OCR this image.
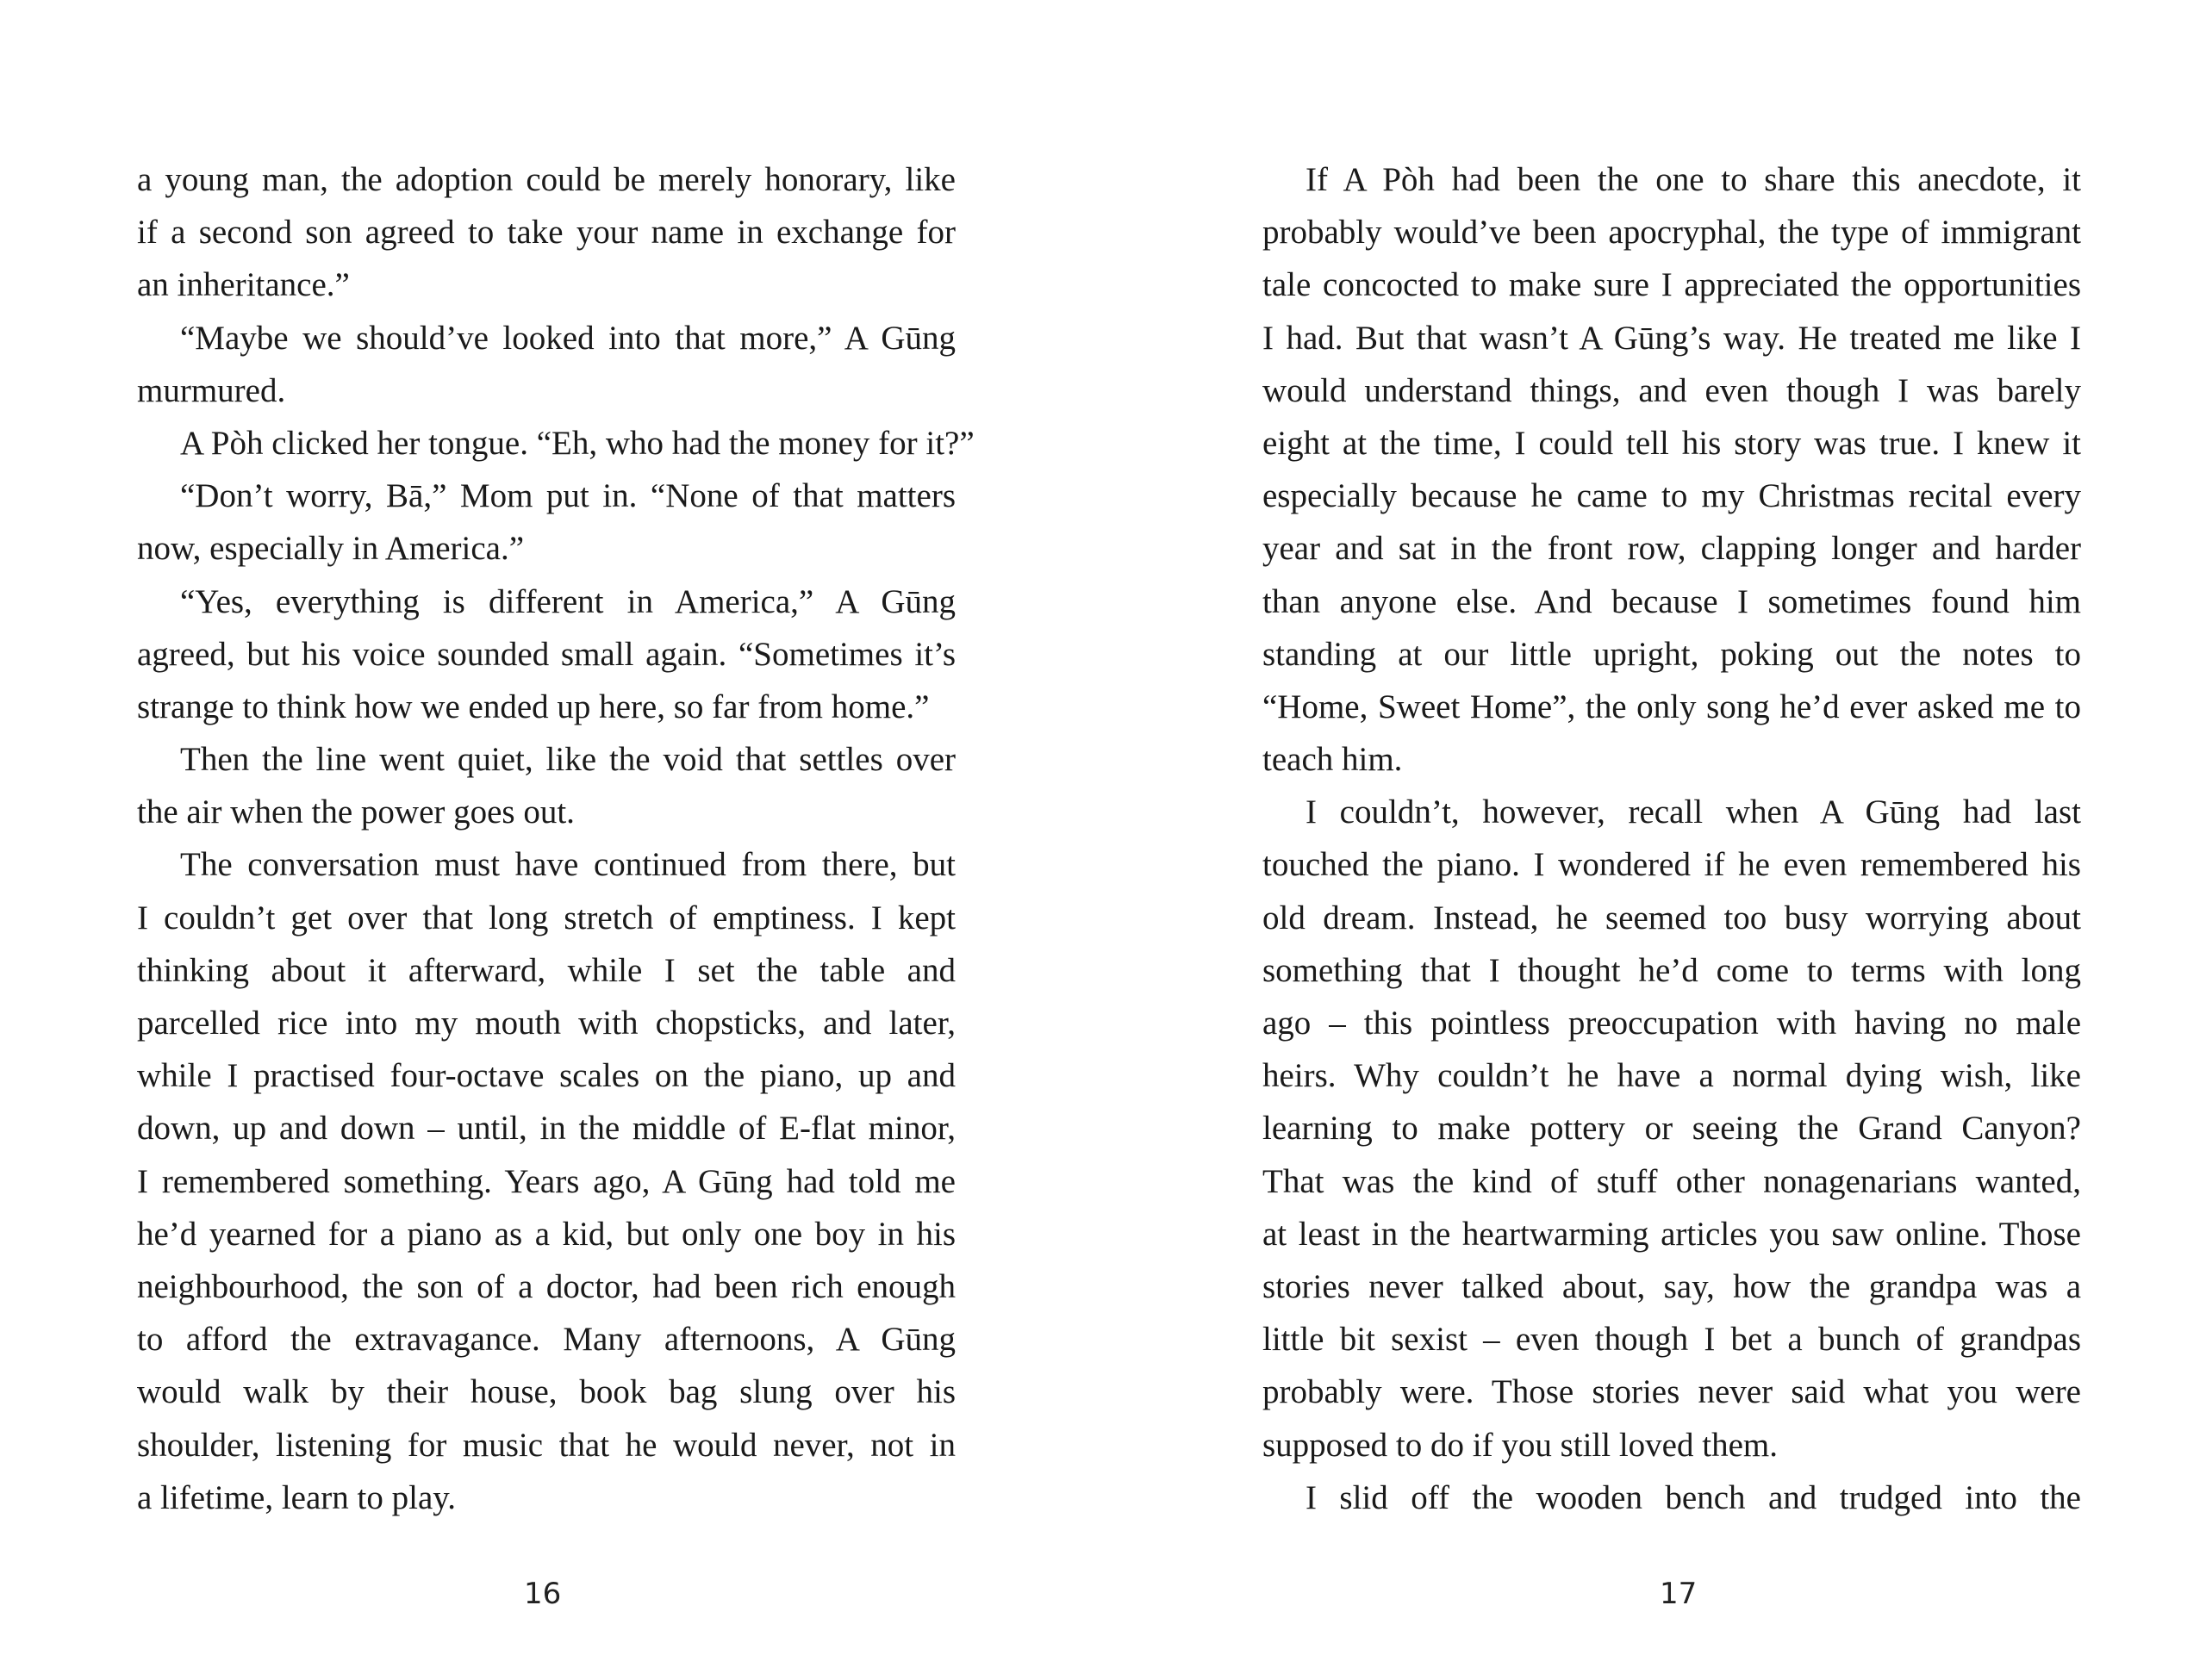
a young man, the adoption could be merely honorary, like
if a second son agreed to take your name in exchange for
an inheritance.”
“Maybe we should’ve looked into that more,” A Gūng
murmured.
A Pòh clicked her tongue. “Eh, who had the money for it?”
“Don’t worry, Bā,” Mom put in. “None of that matters
now, especially in America.”
“Yes, everything is different in America,” A Gūng
agreed, but his voice sounded small again. “Sometimes it’s
strange to think how we ended up here, so far from home.”
Then the line went quiet, like the void that settles over
the air when the power goes out.
The conversation must have continued from there, but
I couldn’t get over that long stretch of emptiness. I kept
thinking about it afterward, while I set the table and
parcelled rice into my mouth with chopsticks, and later,
while I practised four-octave scales on the piano, up and
down, up and down – until, in the middle of E-flat minor,
I remembered something. Years ago, A Gūng had told me
he’d yearned for a piano as a kid, but only one boy in his
neighbourhood, the son of a doctor, had been rich enough
to afford the extravagance. Many afternoons, A Gūng
would walk by their house, book bag slung over his
shoulder, listening for music that he would never, not in
a lifetime, learn to play.
If A Pòh had been the one to share this anecdote, it
probably would’ve been apocryphal, the type of immigrant
tale concocted to make sure I appreciated the opportunities
I had. But that wasn’t A Gūng’s way. He treated me like I
would understand things, and even though I was barely
eight at the time, I could tell his story was true. I knew it
especially because he came to my Christmas recital every
year and sat in the front row, clapping longer and harder
than anyone else. And because I sometimes found him
standing at our little upright, poking out the notes to
“Home, Sweet Home”, the only song he’d ever asked me to
teach him.
I couldn’t, however, recall when A Gūng had last
touched the piano. I wondered if he even remembered his
old dream. Instead, he seemed too busy worrying about
something that I thought he’d come to terms with long
ago – this pointless preoccupation with having no male
heirs. Why couldn’t he have a normal dying wish, like
learning to make pottery or seeing the Grand Canyon?
That was the kind of stuff other nonagenarians wanted,
at least in the heartwarming articles you saw online. Those
stories never talked about, say, how the grandpa was a
little bit sexist – even though I bet a bunch of grandpas
probably were. Those stories never said what you were
supposed to do if you still loved them.
I slid off the wooden bench and trudged into the
16	17
